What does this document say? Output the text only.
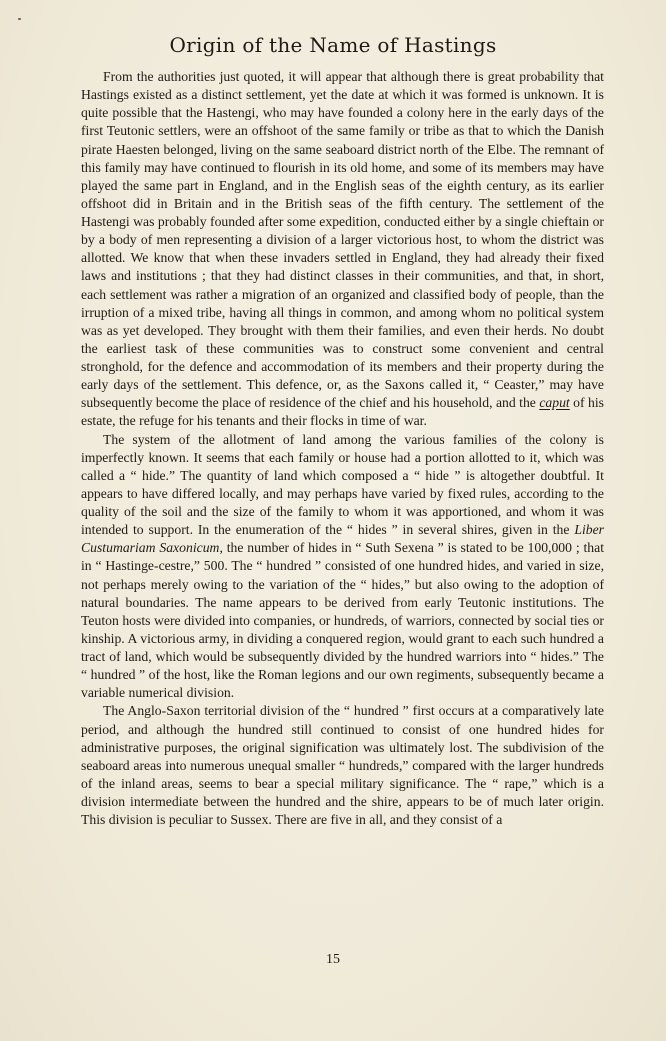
Origin of the Name of Hastings

From the authorities just quoted, it will appear that although there is great probability that Hastings existed as a distinct settlement, yet the date at which it was formed is unknown. It is quite possible that the Hastengi, who may have founded a colony here in the early days of the first Teutonic settlers, were an offshoot of the same family or tribe as that to which the Danish pirate Haesten belonged, living on the same seaboard district north of the Elbe. The remnant of this family may have continued to flourish in its old home, and some of its members may have played the same part in England, and in the English seas of the eighth century, as its earlier offshoot did in Britain and in the British seas of the fifth century. The settlement of the Hastengi was probably founded after some expedition, conducted either by a single chieftain or by a body of men representing a division of a larger victorious host, to whom the district was allotted. We know that when these invaders settled in England, they had already their fixed laws and institutions ; that they had distinct classes in their communities, and that, in short, each settlement was rather a migration of an organized and classified body of people, than the irruption of a mixed tribe, having all things in common, and among whom no political system was as yet developed. They brought with them their families, and even their herds. No doubt the earliest task of these communities was to construct some convenient and central stronghold, for the defence and accommodation of its members and their property during the early days of the settlement. This defence, or, as the Saxons called it, “ Ceaster,” may have subsequently become the place of residence of the chief and his household, and the caput of his estate, the refuge for his tenants and their flocks in time of war.

The system of the allotment of land among the various families of the colony is imperfectly known. It seems that each family or house had a portion allotted to it, which was called a “ hide.” The quantity of land which composed a “ hide ” is altogether doubtful. It appears to have differed locally, and may perhaps have varied by fixed rules, according to the quality of the soil and the size of the family to whom it was apportioned, and whom it was intended to support. In the enumeration of the “ hides ” in several shires, given in the Liber Custumariam Saxonicum, the number of hides in “ Suth Sexena ” is stated to be 100,000 ; that in “ Hastinge-cestre,” 500. The “ hundred ” consisted of one hundred hides, and varied in size, not perhaps merely owing to the variation of the “ hides,” but also owing to the adoption of natural boundaries. The name appears to be derived from early Teutonic institutions. The Teuton hosts were divided into companies, or hundreds, of warriors, connected by social ties or kinship. A victorious army, in dividing a conquered region, would grant to each such hundred a tract of land, which would be subsequently divided by the hundred warriors into “ hides.” The “ hundred ” of the host, like the Roman legions and our own regiments, subsequently became a variable numerical division.

The Anglo-Saxon territorial division of the “ hundred ” first occurs at a comparatively late period, and although the hundred still continued to consist of one hundred hides for administrative purposes, the original signification was ultimately lost. The subdivision of the seaboard areas into numerous unequal smaller “ hundreds,” compared with the larger hundreds of the inland areas, seems to bear a special military significance. The “ rape,” which is a division intermediate between the hundred and the shire, appears to be of much later origin. This division is peculiar to Sussex. There are five in all, and they consist of a

15
